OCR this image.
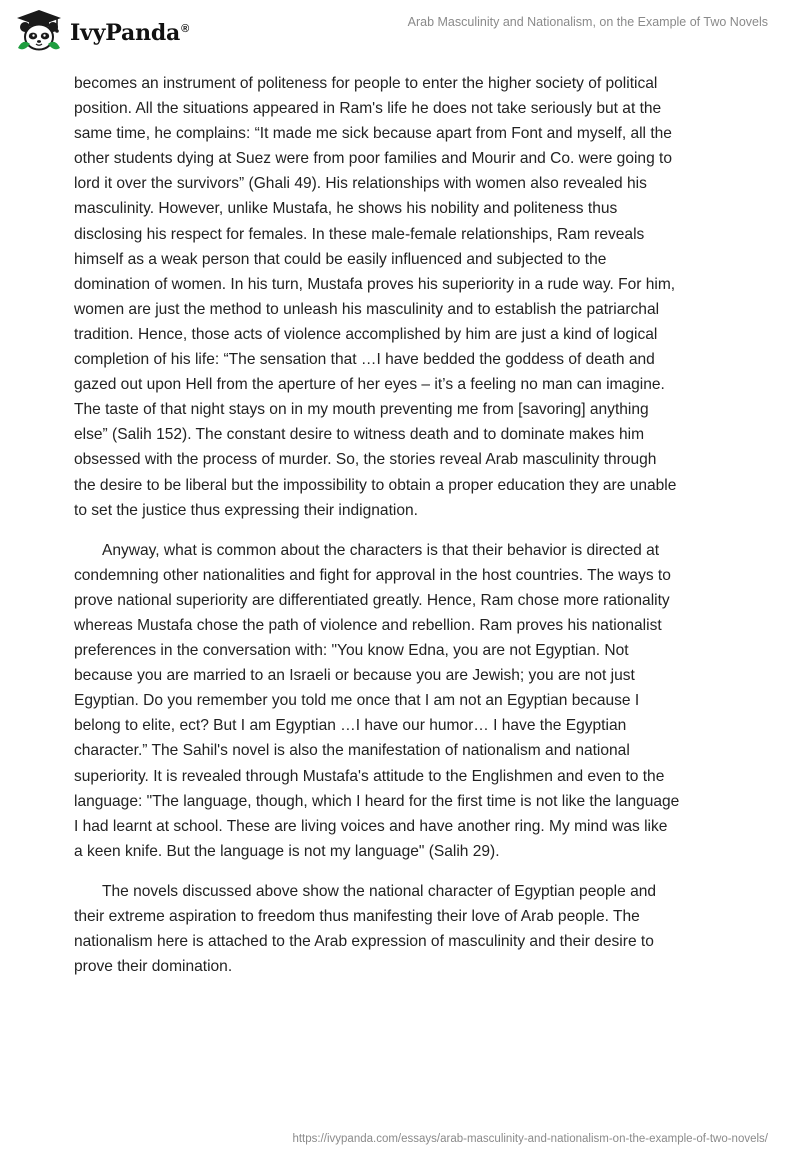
IvyPanda®	Arab Masculinity and Nationalism, on the Example of Two Novels

becomes an instrument of politeness for people to enter the higher society of political
position. All the situations appeared in Ram's life he does not take seriously but at the
same time, he complains: “It made me sick because apart from Font and myself, all the
other students dying at Suez were from poor families and Mourir and Co. were going to
lord it over the survivors” (Ghali 49). His relationships with women also revealed his
masculinity. However, unlike Mustafa, he shows his nobility and politeness thus
disclosing his respect for females. In these male-female relationships, Ram reveals
himself as a weak person that could be easily influenced and subjected to the
domination of women. In his turn, Mustafa proves his superiority in a rude way. For him,
women are just the method to unleash his masculinity and to establish the patriarchal
tradition. Hence, those acts of violence accomplished by him are just a kind of logical
completion of his life: “The sensation that …I have bedded the goddess of death and
gazed out upon Hell from the aperture of her eyes – it’s a feeling no man can imagine.
The taste of that night stays on in my mouth preventing me from [savoring] anything
else” (Salih 152). The constant desire to witness death and to dominate makes him
obsessed with the process of murder. So, the stories reveal Arab masculinity through
the desire to be liberal but the impossibility to obtain a proper education they are unable
to set the justice thus expressing their indignation.

Anyway, what is common about the characters is that their behavior is directed at
condemning other nationalities and fight for approval in the host countries. The ways to
prove national superiority are differentiated greatly. Hence, Ram chose more rationality
whereas Mustafa chose the path of violence and rebellion. Ram proves his nationalist
preferences in the conversation with: "You know Edna, you are not Egyptian. Not
because you are married to an Israeli or because you are Jewish; you are not just
Egyptian. Do you remember you told me once that I am not an Egyptian because I
belong to elite, ect? But I am Egyptian …I have our humor… I have the Egyptian
character.” The Sahil's novel is also the manifestation of nationalism and national
superiority. It is revealed through Mustafa's attitude to the Englishmen and even to the
language: "The language, though, which I heard for the first time is not like the language
I had learnt at school. These are living voices and have another ring. My mind was like
a keen knife. But the language is not my language" (Salih 29).

The novels discussed above show the national character of Egyptian people and
their extreme aspiration to freedom thus manifesting their love of Arab people. The
nationalism here is attached to the Arab expression of masculinity and their desire to
prove their domination.

https://ivypanda.com/essays/arab-masculinity-and-nationalism-on-the-example-of-two-novels/
